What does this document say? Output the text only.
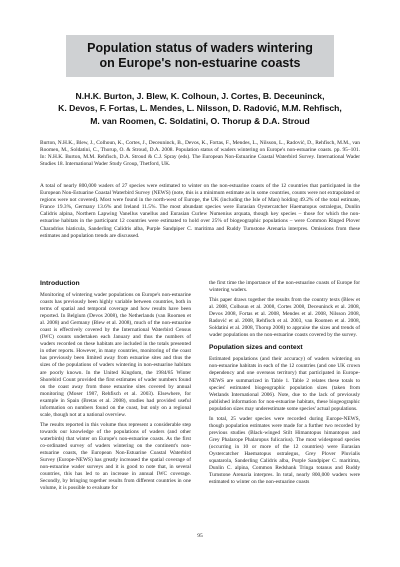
Population status of waders wintering
on Europe's non-estuarine coasts
N.H.K. Burton, J. Blew, K. Colhoun, J. Cortes, B. Deceuninck,
K. Devos, F. Fortas, L. Mendes, L. Nilsson, D. Radović, M.M. Rehfisch,
M. van Roomen, C. Soldatini, O. Thorup & D.A. Stroud
Burton, N.H.K., Blew, J., Colhoun, K., Cortes, J., Deceuninck, B., Devos, K., Fortas, F., Mendes, L., Nilsson, L., Radović, D., Rehfisch, M.M., van Roomen, M., Soldatini, C., Thorup, O. & Stroud, D.A. 2008. Population status of waders wintering on Europe's non-estuarine coasts. pp. 95–101. In: N.H.K. Burton, M.M. Rehfisch, D.A. Stroud & C.J. Spray (eds). The European Non-Estuarine Coastal Waterbird Survey. International Wader Studies 18. International Wader Study Group, Thetford, UK.
A total of nearly 800,000 waders of 27 species were estimated to winter on the non-estuarine coasts of the 12 countries that participated in the European Non-Estuarine Coastal Waterbird Survey (NEWS) (note, this is a minimum estimate as in some countries, counts were not extrapolated or regions were not covered). Most were found in the north-west of Europe, the UK (including the Isle of Man) holding 49.2% of the total estimate, France 19.3%, Germany 13.6% and Ireland 11.5%. The most abundant species were Eurasian Oystercatcher Haematopus ostralegus, Dunlin Calidris alpina, Northern Lapwing Vanellus vanellus and Eurasian Curlew Numenius arquata, though key species – those for which the non-estuarine habitats in the participant 12 countries were estimated to hold over 25% of biogeographic populations – were Common Ringed Plover Charadrius hiaticula, Sanderling Calidris alba, Purple Sandpiper C. maritima and Ruddy Turnstone Arenaria interpres. Omissions from these estimates and population trends are discussed.
Introduction

Monitoring of wintering wader populations on Europe's non-estuarine coasts has previously been highly variable between countries, both in terms of spatial and temporal coverage and how results have been reported. In Belgium (Devos 2008), the Netherlands (van Roomen et al. 2008) and Germany (Blew et al. 2008), much of the non-estuarine coast is effectively covered by the International Waterbird Census (IWC) counts undertaken each January and thus the numbers of waders recorded on these habitats are included in the totals presented in other reports. However, in many countries, monitoring of the coast has previously been limited away from estuarine sites and thus the sizes of the populations of waders wintering in non-estuarine habitats are poorly known. In the United Kingdom, the 1984/85 Winter Shorebird Count provided the first estimates of wader numbers found on the coast away from those estuarine sites covered by annual monitoring (Moser 1987, Rehfisch et al. 2003). Elsewhere, for example in Spain (Bretas et al. 2008), studies had provided useful information on numbers found on the coast, but only on a regional scale, though not at a national overview.

The results reported in this volume thus represent a considerable step towards our knowledge of the populations of waders (and other waterbirds) that winter on Europe's non-estuarine coasts. As the first co-ordinated survey of waders wintering on the continent's non-estuarine coasts, the European Non-Estuarine Coastal Waterbird Survey (Europe-NEWS) has greatly increased the spatial coverage of non-estuarine wader surveys and it is good to note that, in several countries, this has led to an increase in annual IWC coverage. Secondly, by bringing together results from different countries in one volume, it is possible to evaluate for

the first time the importance of the non-estuarine coasts of Europe for wintering waders.

This paper draws together the results from the country texts (Blew et al. 2008, Colhoun et al. 2008, Cortes 2008, Deceuninck et al. 2008, Devos 2008, Fortas et al. 2008, Mendes et al. 2008, Nilsson 2008, Radović et al. 2008, Rehfisch et al. 2003, van Roomen et al. 2008, Soldatini et al. 2008, Thorup 2008) to appraise the sizes and trends of wader populations on the non-estuarine coasts covered by the survey.

Population sizes and context

Estimated populations (and their accuracy) of waders wintering on non-estuarine habitats in each of the 12 countries (and one UK crown dependency and one overseas territory) that participated in Europe-NEWS are summarized in Table 1. Table 2 relates these totals to species' estimated biogeographic population sizes (taken from Wetlands International 2006). Note, due to the lack of previously published information for non-estuarine habitats, these biogeographic population sizes may underestimate some species' actual populations.

In total, 25 wader species were recorded during Europe-NEWS, though population estimates were made for a further two recorded by previous studies (Black-winged Stilt Himantopus himantopus and Grey Phalarope Phalaropus fulicarius). The most widespread species (occurring in 10 or more of the 12 countries) were Eurasian Oystercatcher Haematopus ostralegus, Grey Plover Pluvialis squatarola, Sanderling Calidris alba, Purple Sandpiper C. maritima, Dunlin C. alpina, Common Redshank Tringa totanus and Ruddy Turnstone Arenaria interpres. In total, nearly 800,000 waders were estimated to winter on the non-estuarine coasts

95
